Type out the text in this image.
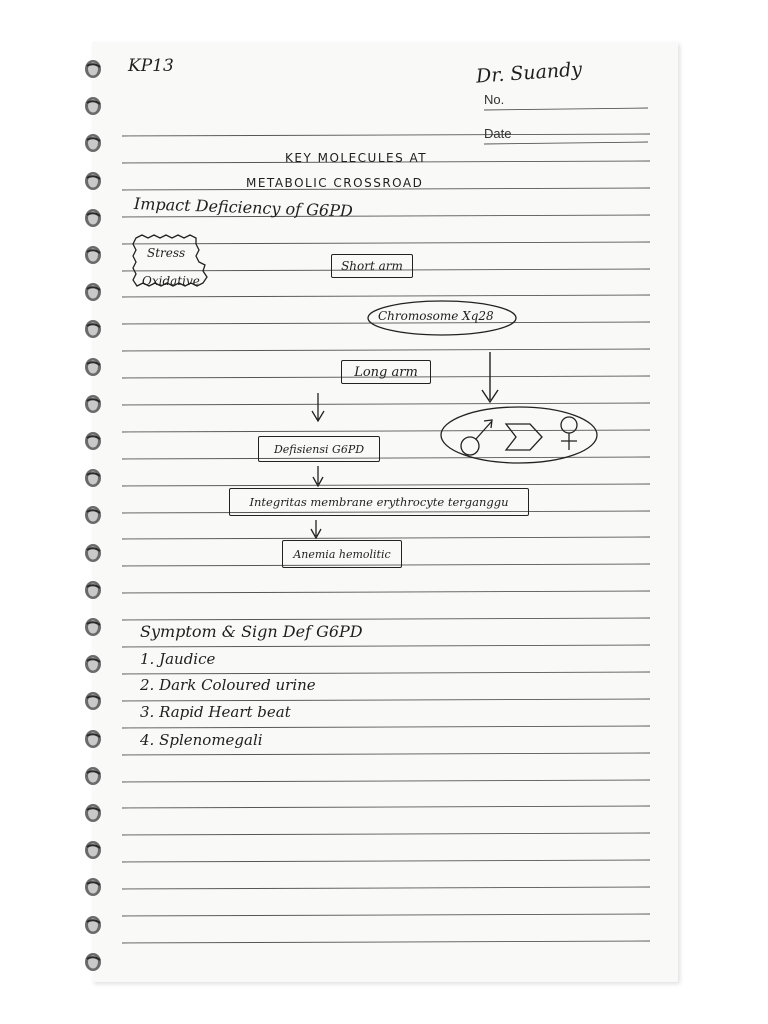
KP13	Dr. Suandy
No.
Date
KEY MOLECULES AT
METABOLIC CROSSROAD
Impact Deficiency of G6PD
Stress
Oxidative
Short arm
Chromosome Xq28
Long arm
Defisiensi G6PD
Integritas membrane erythrocyte terganggu
Anemia hemolitic
Symptom & Sign Def G6PD
1. Jaudice
2. Dark Coloured urine
3. Rapid Heart beat
4. Splenomegali
